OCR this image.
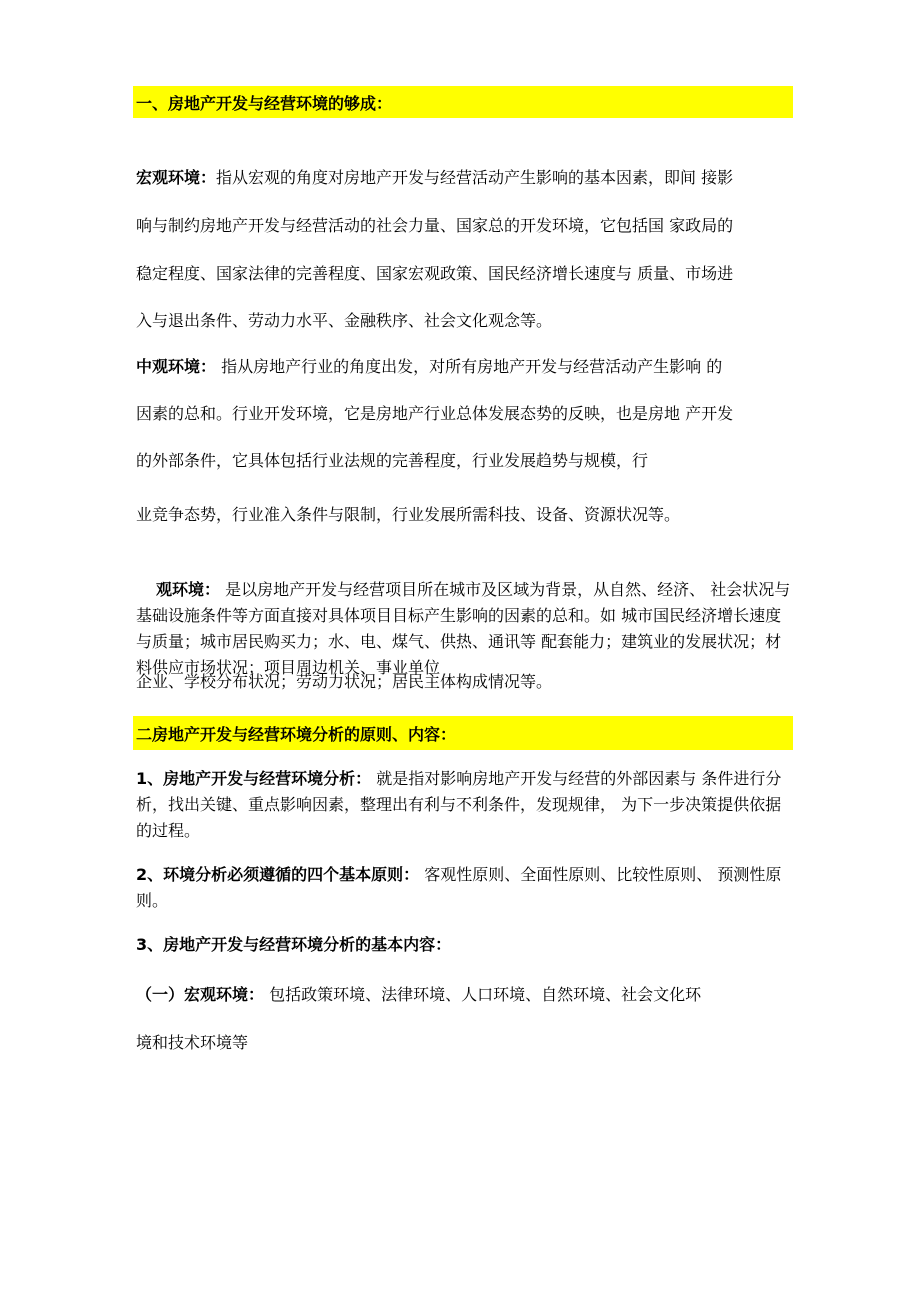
一、房地产开发与经营环境的够成：
宏观环境：指从宏观的角度对房地产开发与经营活动产生影响的基本因素，即间 接影
响与制约房地产开发与经营活动的社会力量、国家总的开发环境，它包括国 家政局的
稳定程度、国家法律的完善程度、国家宏观政策、国民经济增长速度与 质量、市场进
入与退出条件、劳动力水平、金融秩序、社会文化观念等。
中观环境： 指从房地产行业的角度出发，对所有房地产开发与经营活动产生影响 的
因素的总和。行业开发环境，它是房地产行业总体发展态势的反映，也是房地 产开发
的外部条件，它具体包括行业法规的完善程度，行业发展趋势与规模，行
业竞争态势，行业准入条件与限制，行业发展所需科技、设备、资源状况等。
观环境： 是以房地产开发与经营项目所在城市及区域为背景，从自然、经济、 社会状况与基础设施条件等方面直接对具体项目目标产生影响的因素的总和。如 城市国民经济增长速度与质量；城市居民购买力；水、电、煤气、供热、通讯等 配套能力；建筑业的发展状况；材料供应市场状况；项目周边机关、事业单位
企业、学校分布状况；劳动力状况；居民主体构成情况等。
二房地产开发与经营环境分析的原则、内容：
1、房地产开发与经营环境分析： 就是指对影响房地产开发与经营的外部因素与 条件进行分析，找出关键、重点影响因素，整理出有利与不利条件，发现规律， 为下一步决策提供依据的过程。
2、环境分析必须遵循的四个基本原则： 客观性原则、全面性原则、比较性原则、 预测性原则。
3、房地产开发与经营环境分析的基本内容：
（一）宏观环境： 包括政策环境、法律环境、人口环境、自然环境、社会文化环
境和技术环境等
